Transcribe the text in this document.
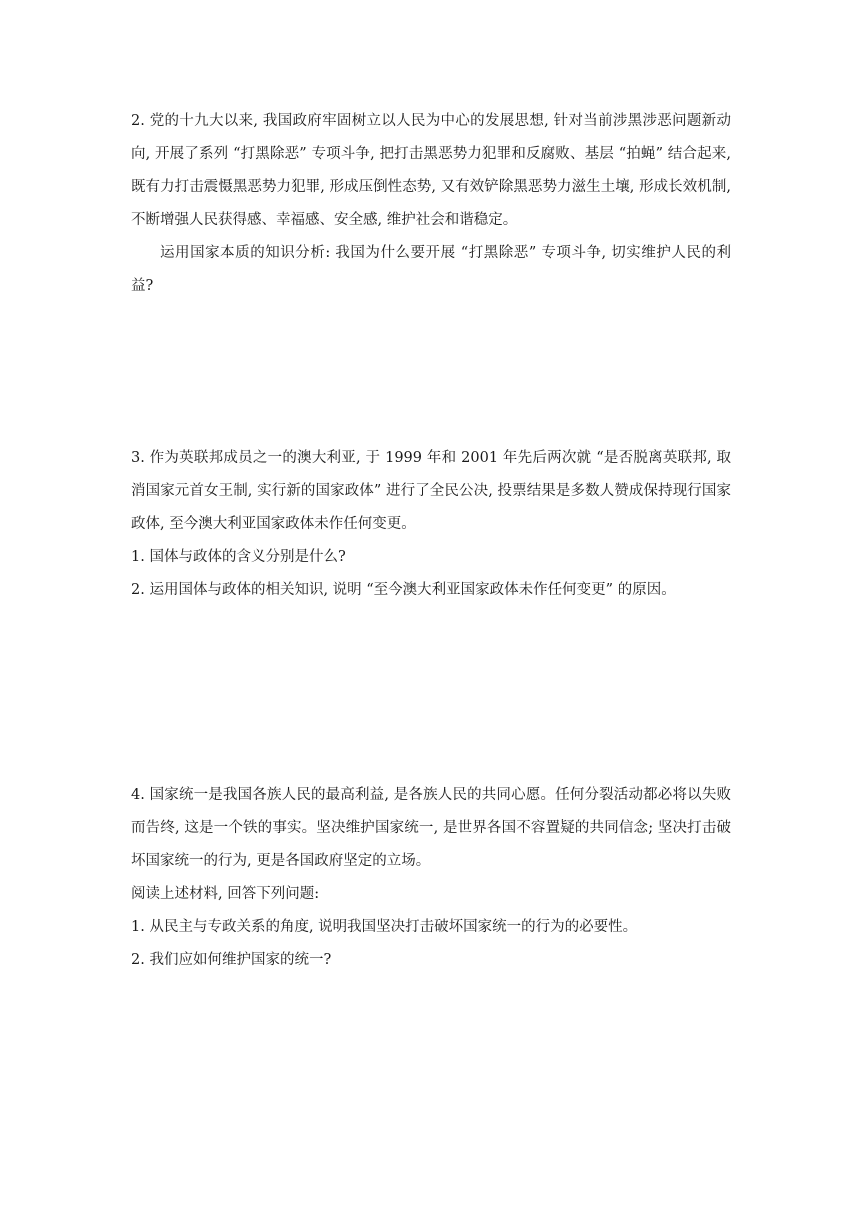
2. 党的十九大以来, 我国政府牢固树立以人民为中心的发展思想, 针对当前涉黑涉恶问题新动向, 开展了系列 “打黑除恶” 专项斗争, 把打击黑恶势力犯罪和反腐败、基层 “拍蝇” 结合起来, 既有力打击震慑黑恶势力犯罪, 形成压倒性态势, 又有效铲除黑恶势力滋生土壤, 形成长效机制, 不断增强人民获得感、幸福感、安全感, 维护社会和谐稳定。

运用国家本质的知识分析: 我国为什么要开展 “打黑除恶” 专项斗争, 切实维护人民的利益?

3. 作为英联邦成员之一的澳大利亚, 于 1999 年和 2001 年先后两次就 “是否脱离英联邦, 取消国家元首女王制, 实行新的国家政体” 进行了全民公决, 投票结果是多数人赞成保持现行国家政体, 至今澳大利亚国家政体未作任何变更。

1. 国体与政体的含义分别是什么?

2. 运用国体与政体的相关知识, 说明 “至今澳大利亚国家政体未作任何变更” 的原因。

4. 国家统一是我国各族人民的最高利益, 是各族人民的共同心愿。任何分裂活动都必将以失败而告终, 这是一个铁的事实。坚决维护国家统一, 是世界各国不容置疑的共同信念; 坚决打击破坏国家统一的行为, 更是各国政府坚定的立场。

阅读上述材料, 回答下列问题:

1. 从民主与专政关系的角度, 说明我国坚决打击破坏国家统一的行为的必要性。

2. 我们应如何维护国家的统一?
